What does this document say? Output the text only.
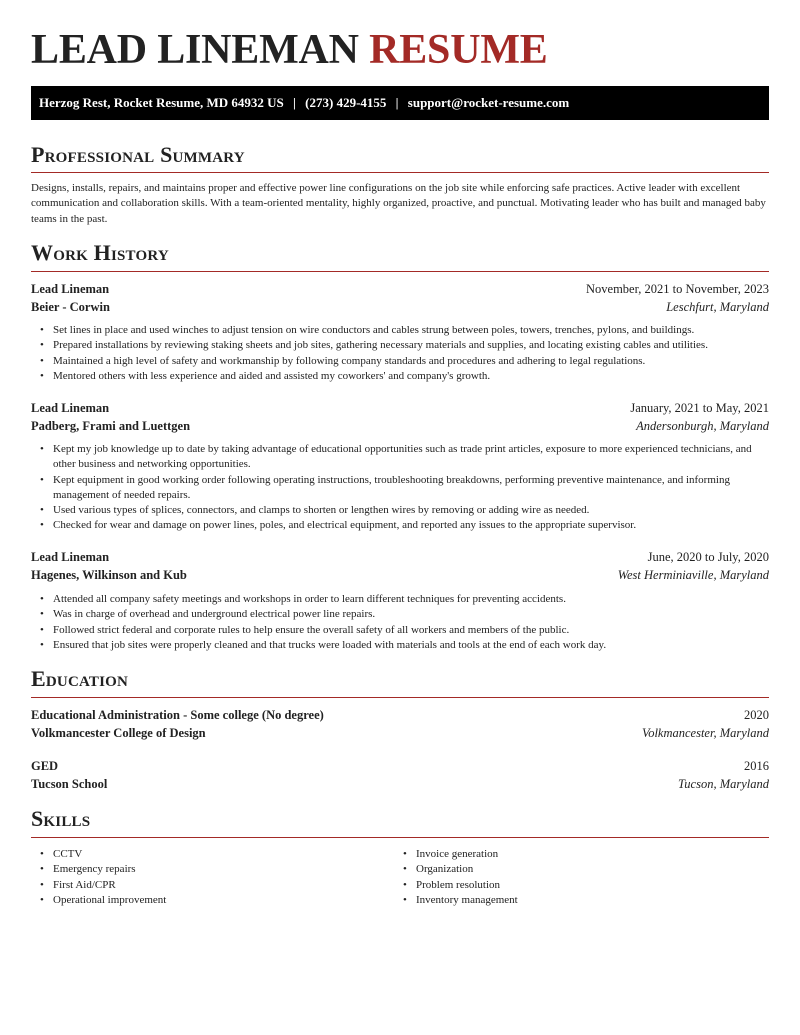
LEAD LINEMAN RESUME
Herzog Rest, Rocket Resume, MD 64932 US | (273) 429-4155 | support@rocket-resume.com
Professional Summary
Designs, installs, repairs, and maintains proper and effective power line configurations on the job site while enforcing safe practices. Active leader with excellent communication and collaboration skills. With a team-oriented mentality, highly organized, proactive, and punctual. Motivating leader who has built and managed baby teams in the past.
Work History
Lead Lineman	November, 2021 to November, 2023
Beier - Corwin	Leschfurt, Maryland
• Set lines in place and used winches to adjust tension on wire conductors and cables strung between poles, towers, trenches, pylons, and buildings.
• Prepared installations by reviewing staking sheets and job sites, gathering necessary materials and supplies, and locating existing cables and utilities.
• Maintained a high level of safety and workmanship by following company standards and procedures and adhering to legal regulations.
• Mentored others with less experience and aided and assisted my coworkers' and company's growth.
Lead Lineman	January, 2021 to May, 2021
Padberg, Frami and Luettgen	Andersonburgh, Maryland
• Kept my job knowledge up to date by taking advantage of educational opportunities such as trade print articles, exposure to more experienced technicians, and other business and networking opportunities.
• Kept equipment in good working order following operating instructions, troubleshooting breakdowns, performing preventive maintenance, and informing management of needed repairs.
• Used various types of splices, connectors, and clamps to shorten or lengthen wires by removing or adding wire as needed.
• Checked for wear and damage on power lines, poles, and electrical equipment, and reported any issues to the appropriate supervisor.
Lead Lineman	June, 2020 to July, 2020
Hagenes, Wilkinson and Kub	West Herminiaville, Maryland
• Attended all company safety meetings and workshops in order to learn different techniques for preventing accidents.
• Was in charge of overhead and underground electrical power line repairs.
• Followed strict federal and corporate rules to help ensure the overall safety of all workers and members of the public.
• Ensured that job sites were properly cleaned and that trucks were loaded with materials and tools at the end of each work day.
Education
Educational Administration - Some college (No degree)	2020
Volkmancester College of Design	Volkmancester, Maryland
GED	2016
Tucson School	Tucson, Maryland
Skills
• CCTV
• Emergency repairs
• First Aid/CPR
• Operational improvement
• Invoice generation
• Organization
• Problem resolution
• Inventory management
